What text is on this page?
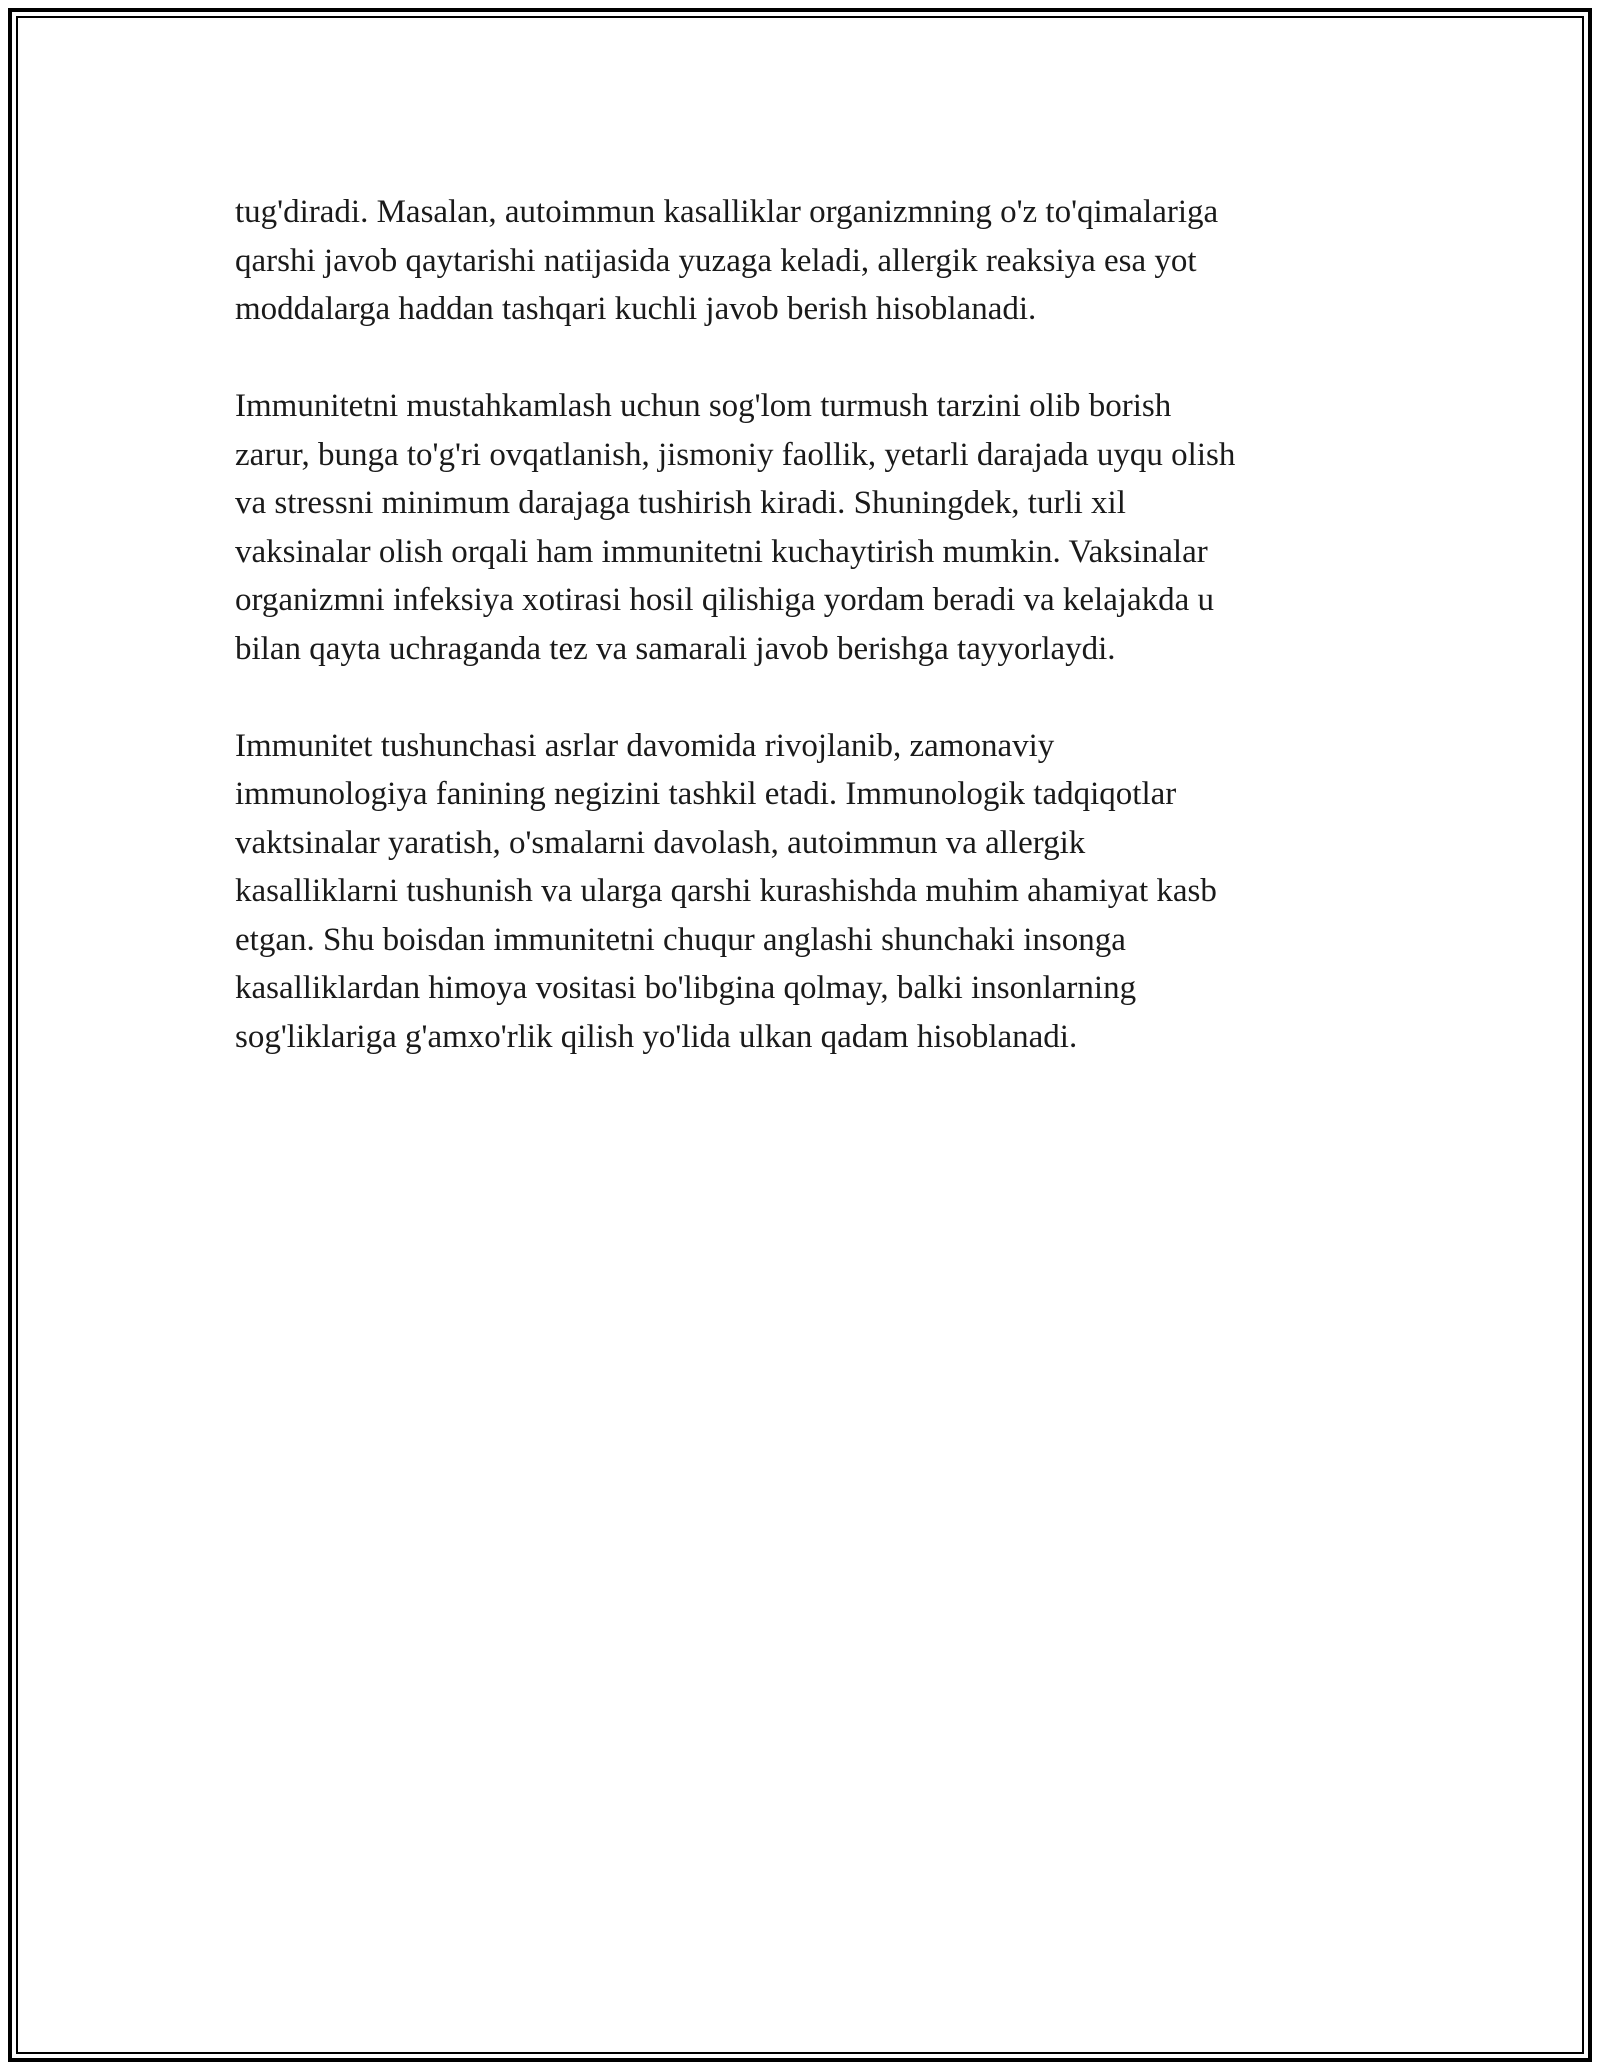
tug'diradi. Masalan, autoimmun kasalliklar organizmning o'z to'qimalariga
qarshi javob qaytarishi natijasida yuzaga keladi, allergik reaksiya esa yot
moddalarga haddan tashqari kuchli javob berish hisoblanadi.
Immunitetni mustahkamlash uchun sog'lom turmush tarzini olib borish
zarur, bunga to'g'ri ovqatlanish, jismoniy faollik, yetarli darajada uyqu olish
va stressni minimum darajaga tushirish kiradi. Shuningdek, turli xil
vaksinalar olish orqali ham immunitetni kuchaytirish mumkin. Vaksinalar
organizmni infeksiya xotirasi hosil qilishiga yordam beradi va kelajakda u
bilan qayta uchraganda tez va samarali javob berishga tayyorlaydi.
Immunitet tushunchasi asrlar davomida rivojlanib, zamonaviy
immunologiya fanining negizini tashkil etadi. Immunologik tadqiqotlar
vaktsinalar yaratish, o'smalarni davolash, autoimmun va allergik
kasalliklarni tushunish va ularga qarshi kurashishda muhim ahamiyat kasb
etgan. Shu boisdan immunitetni chuqur anglashi shunchaki insonga
kasalliklardan himoya vositasi bo'libgina qolmay, balki insonlarning
sog'liklariga g'amxo'rlik qilish yo'lida ulkan qadam hisoblanadi.
